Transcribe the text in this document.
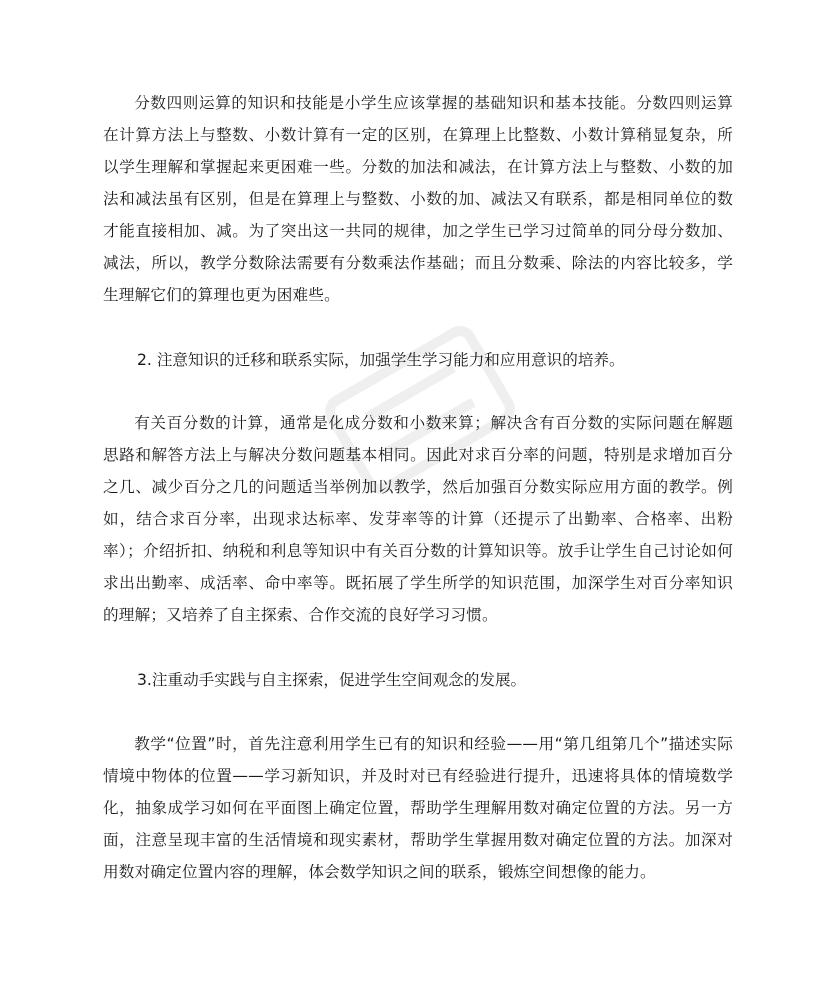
分数四则运算的知识和技能是小学生应该掌握的基础知识和基本技能。分数四则运算在计算方法上与整数、小数计算有一定的区别，在算理上比整数、小数计算稍显复杂，所以学生理解和掌握起来更困难一些。分数的加法和减法，在计算方法上与整数、小数的加法和减法虽有区别，但是在算理上与整数、小数的加、减法又有联系，都是相同单位的数才能直接相加、减。为了突出这一共同的规律，加之学生已学习过简单的同分母分数加、减法，所以，教学分数除法需要有分数乘法作基础；而且分数乘、除法的内容比较多，学生理解它们的算理也更为困难些。

2. 注意知识的迁移和联系实际，加强学生学习能力和应用意识的培养。

有关百分数的计算，通常是化成分数和小数来算；解决含有百分数的实际问题在解题思路和解答方法上与解决分数问题基本相同。因此对求百分率的问题，特别是求增加百分之几、减少百分之几的问题适当举例加以教学，然后加强百分数实际应用方面的教学。例如，结合求百分率，出现求达标率、发芽率等的计算（还提示了出勤率、合格率、出粉率）；介绍折扣、纳税和利息等知识中有关百分数的计算知识等。放手让学生自己讨论如何求出出勤率、成活率、命中率等。既拓展了学生所学的知识范围，加深学生对百分率知识的理解；又培养了自主探索、合作交流的良好学习习惯。

3.注重动手实践与自主探索，促进学生空间观念的发展。

教学“位置”时，首先注意利用学生已有的知识和经验——用“第几组第几个”描述实际情境中物体的位置——学习新知识，并及时对已有经验进行提升，迅速将具体的情境数学化，抽象成学习如何在平面图上确定位置，帮助学生理解用数对确定位置的方法。另一方面，注意呈现丰富的生活情境和现实素材，帮助学生掌握用数对确定位置的方法。加深对用数对确定位置内容的理解，体会数学知识之间的联系，锻炼空间想像的能力。
